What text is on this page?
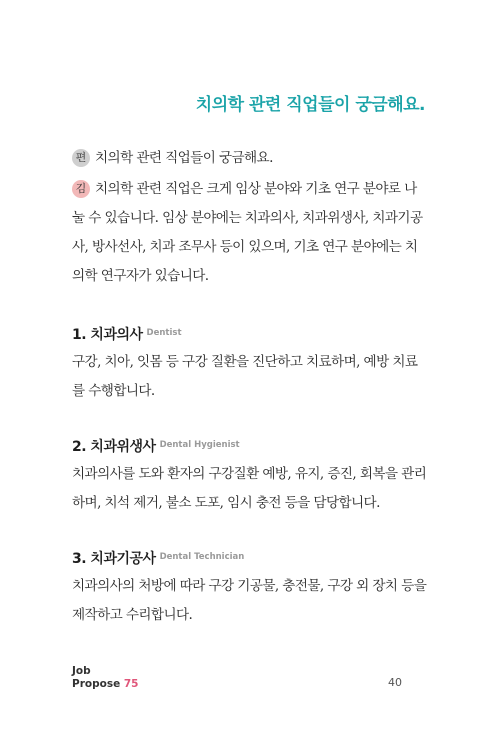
치의학 관련 직업들이 궁금해요.

편 치의학 관련 직업들이 궁금해요.

김 치의학 관련 직업은 크게 임상 분야와 기초 연구 분야로 나눌 수 있습니다. 임상 분야에는 치과의사, 치과위생사, 치과기공사, 방사선사, 치과 조무사 등이 있으며, 기초 연구 분야에는 치의학 연구자가 있습니다.

1. 치과의사 $^{Dentist}$

구강, 치아, 잇몸 등 구강 질환을 진단하고 치료하며, 예방 치료를 수행합니다.

2. 치과위생사 $^{Dental Hygienist}$

치과의사를 도와 환자의 구강질환 예방, 유지, 증진, 회복을 관리하며, 치석 제거, 불소 도포, 임시 충전 등을 담당합니다.

3. 치과기공사 $^{Dental Technician}$

치과의사의 처방에 따라 구강 기공물, 충전물, 구강 외 장치 등을 제작하고 수리합니다.

Job
Propose 75	40
